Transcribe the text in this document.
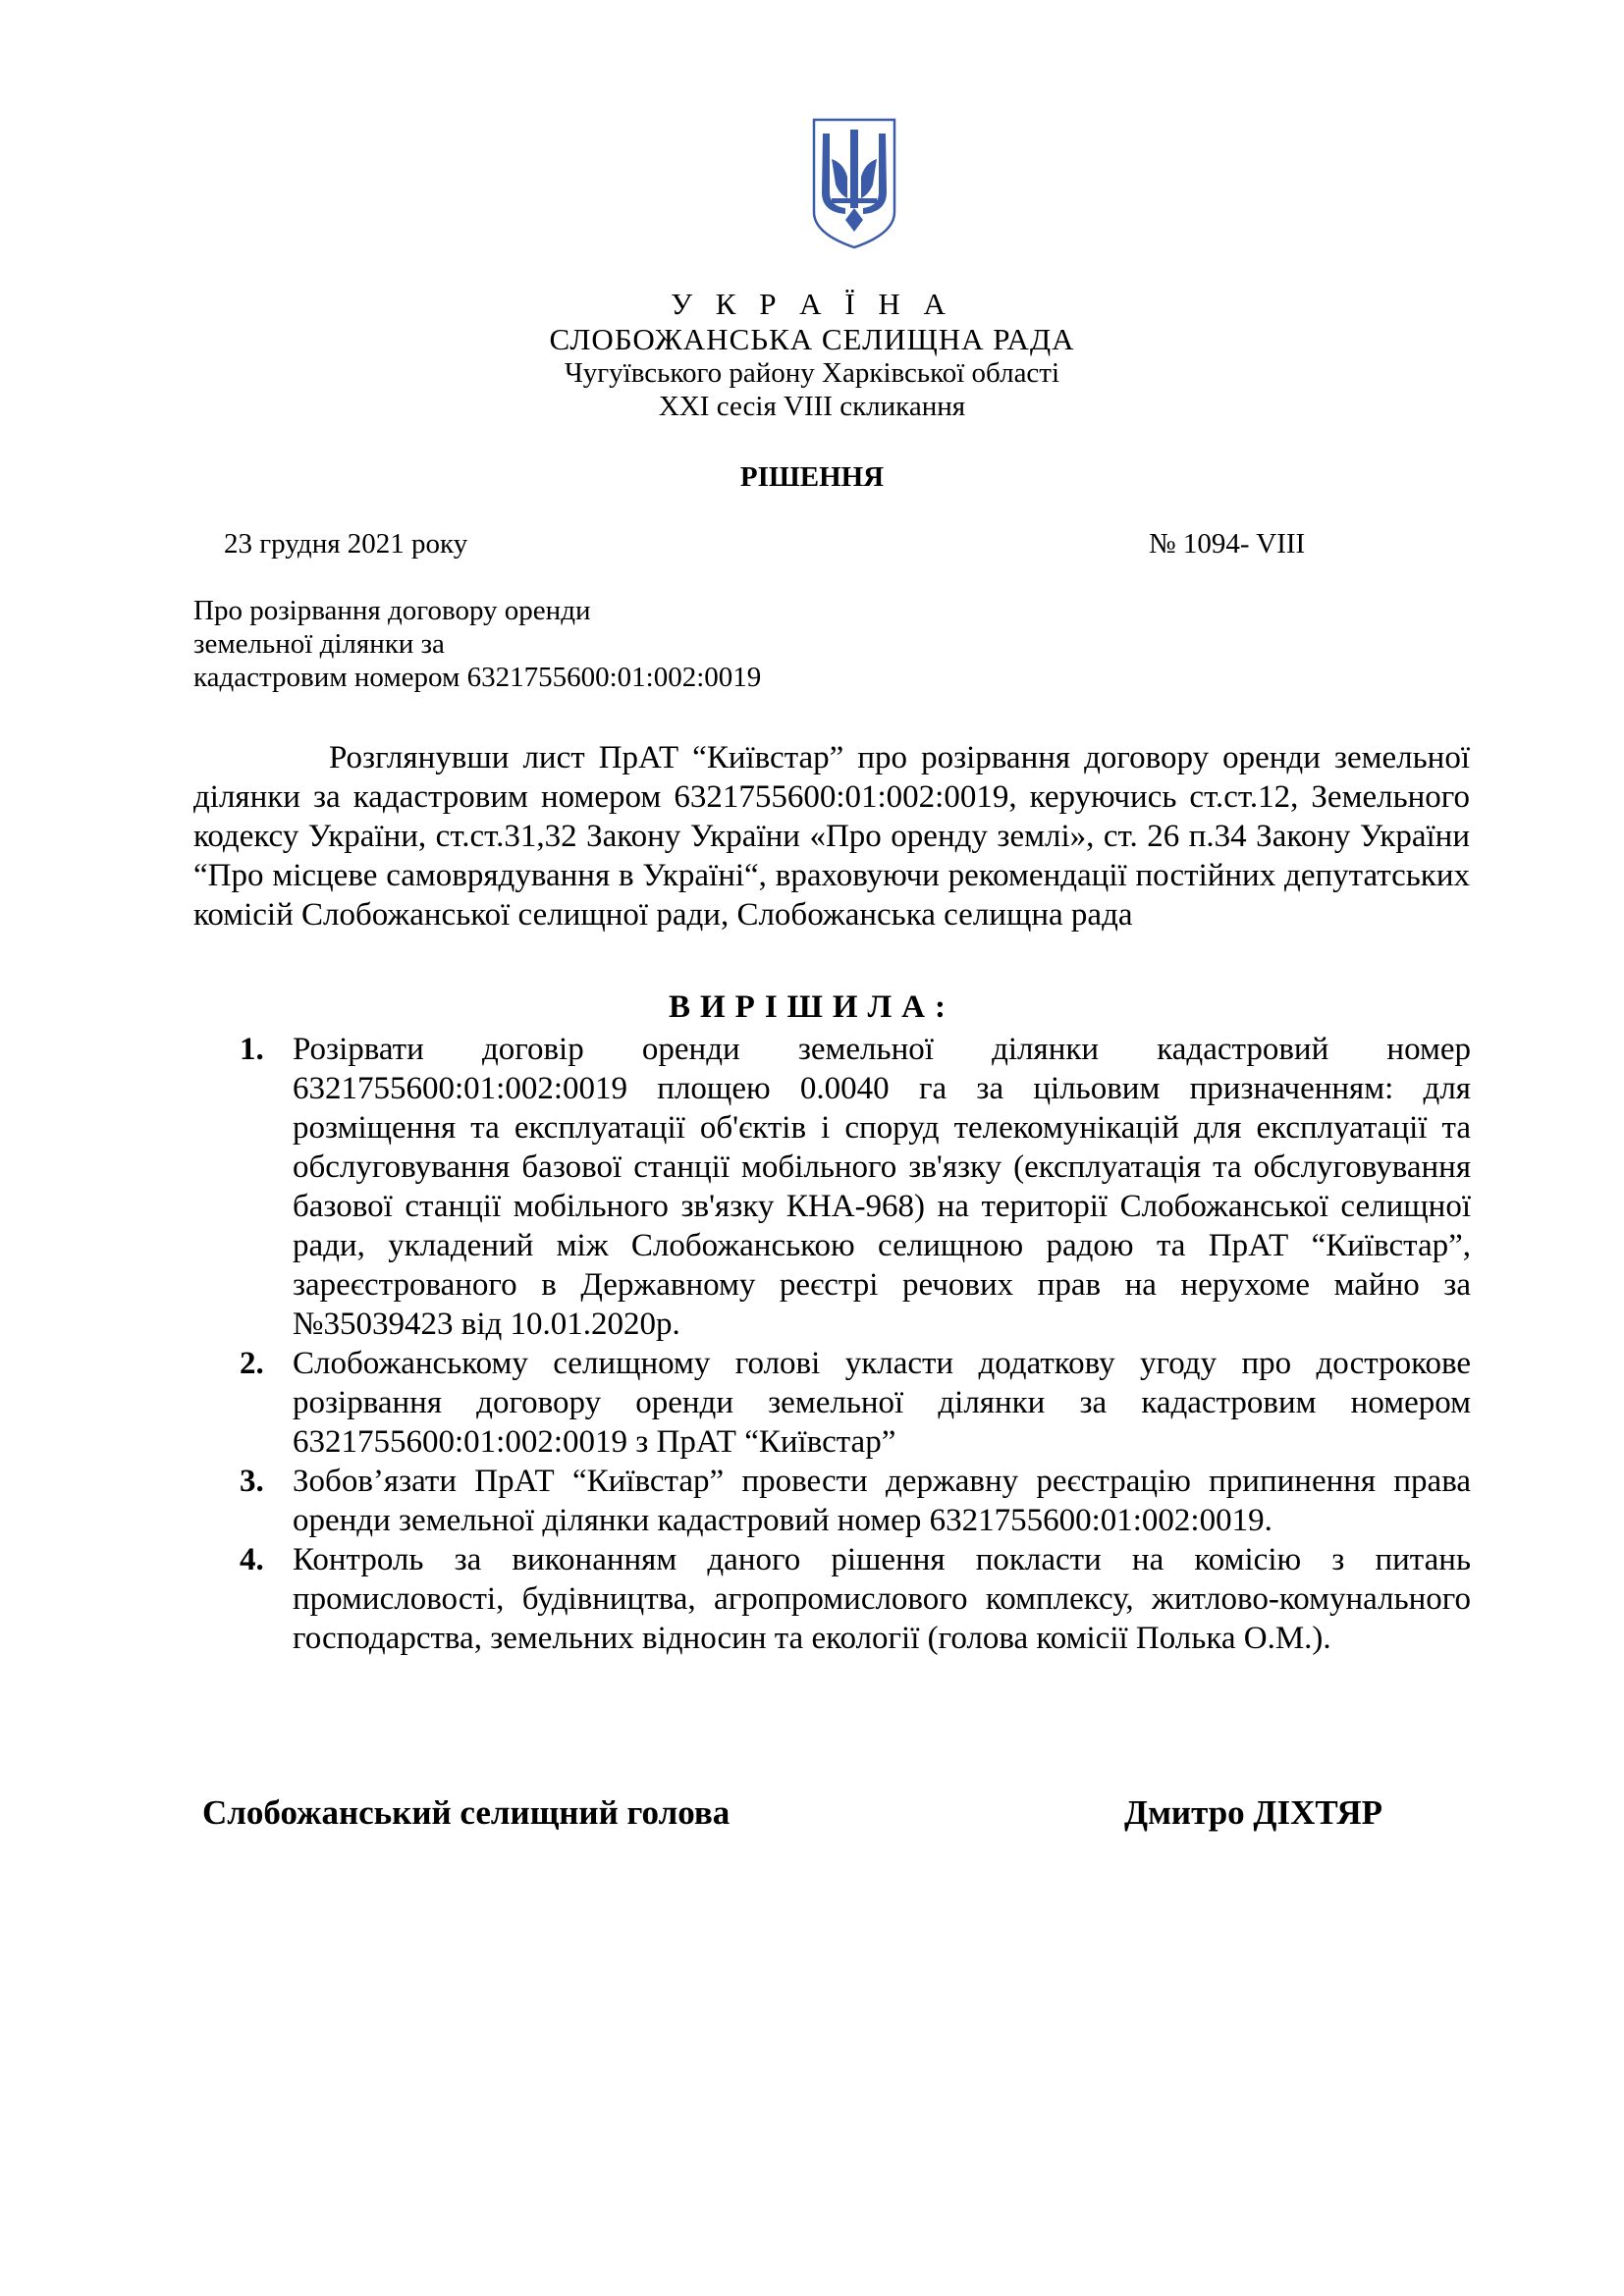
У К Р А Ї Н А
СЛОБОЖАНСЬКА СЕЛИЩНА РАДА
Чугуївського району Харківської області
XXI сесія VIII скликання
РІШЕННЯ
23 грудня 2021 року	№ 1094- VIII
Про розірвання договору оренди
земельної ділянки за
кадастровим номером 6321755600:01:002:0019
Розглянувши лист ПрАТ “Київстар” про розірвання договору оренди земельної ділянки за кадастровим номером 6321755600:01:002:0019, керуючись ст.ст.12, Земельного кодексу України, ст.ст.31,32 Закону України «Про оренду землі», ст. 26 п.34 Закону України “Про місцеве самоврядування в Україні“, враховуючи рекомендації постійних депутатських комісій Слобожанської селищної ради, Слобожанська селищна рада
ВИРІШИЛА:
1. Розірвати договір оренди земельної ділянки кадастровий номер 6321755600:01:002:0019 площею 0.0040 га за цільовим призначенням: для розміщення та експлуатації об'єктів і споруд телекомунікацій для експлуатації та обслуговування базової станції мобільного зв'язку (експлуатація та обслуговування базової станції мобільного зв'язку КНА-968) на території Слобожанської селищної ради, укладений між Слобожанською селищною радою та ПрАТ “Київстар”, зареєстрованого в Державному реєстрі речових прав на нерухоме майно за №35039423 від 10.01.2020р.
2. Слобожанському селищному голові укласти додаткову угоду про дострокове розірвання договору оренди земельної ділянки за кадастровим номером 6321755600:01:002:0019 з ПрАТ “Київстар”
3. Зобов’язати ПрАТ “Київстар” провести державну реєстрацію припинення права оренди земельної ділянки кадастровий номер 6321755600:01:002:0019.
4. Контроль за виконанням даного рішення покласти на комісію з питань промисловості, будівництва, агропромислового комплексу, житлово-комунального господарства, земельних відносин та екології (голова комісії Полька О.М.).
Слобожанський селищний голова	Дмитро ДІХТЯР
